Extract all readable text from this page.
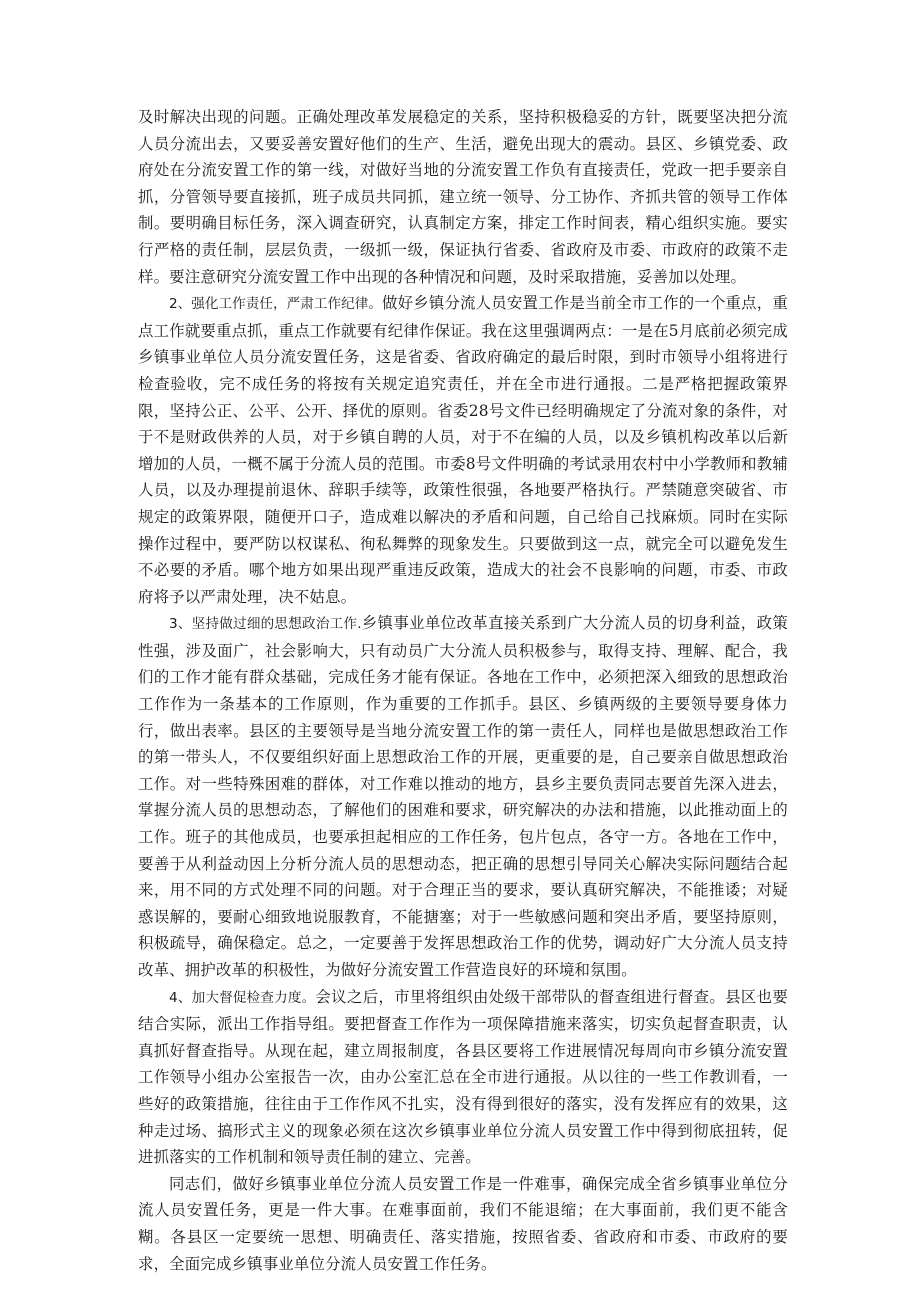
及时解决出现的问题。正确处理改革发展稳定的关系，坚持积极稳妥的方针，既要坚决把分流人员分流出去，又要妥善安置好他们的生产、生活，避免出现大的震动。县区、乡镇党委、政府处在分流安置工作的第一线，对做好当地的分流安置工作负有直接责任，党政一把手要亲自抓，分管领导要直接抓，班子成员共同抓，建立统一领导、分工协作、齐抓共管的领导工作体制。要明确目标任务，深入调查研究，认真制定方案，排定工作时间表，精心组织实施。要实行严格的责任制，层层负责，一级抓一级，保证执行省委、省政府及市委、市政府的政策不走样。要注意研究分流安置工作中出现的各种情况和问题，及时采取措施，妥善加以处理。

2、强化工作责任，严肃工作纪律。做好乡镇分流人员安置工作是当前全市工作的一个重点，重点工作就要重点抓，重点工作就要有纪律作保证。我在这里强调两点：一是在5月底前必须完成乡镇事业单位人员分流安置任务，这是省委、省政府确定的最后时限，到时市领导小组将进行检查验收，完不成任务的将按有关规定追究责任，并在全市进行通报。二是严格把握政策界限，坚持公正、公平、公开、择优的原则。省委28号文件已经明确规定了分流对象的条件，对于不是财政供养的人员，对于乡镇自聘的人员，对于不在编的人员，以及乡镇机构改革以后新增加的人员，一概不属于分流人员的范围。市委8号文件明确的考试录用农村中小学教师和教辅人员，以及办理提前退休、辞职手续等，政策性很强，各地要严格执行。严禁随意突破省、市规定的政策界限，随便开口子，造成难以解决的矛盾和问题，自己给自己找麻烦。同时在实际操作过程中，要严防以权谋私、徇私舞弊的现象发生。只要做到这一点，就完全可以避免发生不必要的矛盾。哪个地方如果出现严重违反政策，造成大的社会不良影响的问题，市委、市政府将予以严肃处理，决不姑息。

3、坚持做过细的思想政治工作.乡镇事业单位改革直接关系到广大分流人员的切身利益，政策性强，涉及面广，社会影响大，只有动员广大分流人员积极参与，取得支持、理解、配合，我们的工作才能有群众基础，完成任务才能有保证。各地在工作中，必须把深入细致的思想政治工作作为一条基本的工作原则，作为重要的工作抓手。县区、乡镇两级的主要领导要身体力行，做出表率。县区的主要领导是当地分流安置工作的第一责任人，同样也是做思想政治工作的第一带头人，不仅要组织好面上思想政治工作的开展，更重要的是，自己要亲自做思想政治工作。对一些特殊困难的群体，对工作难以推动的地方，县乡主要负责同志要首先深入进去，掌握分流人员的思想动态，了解他们的困难和要求，研究解决的办法和措施，以此推动面上的工作。班子的其他成员，也要承担起相应的工作任务，包片包点，各守一方。各地在工作中，要善于从利益动因上分析分流人员的思想动态，把正确的思想引导同关心解决实际问题结合起来，用不同的方式处理不同的问题。对于合理正当的要求，要认真研究解决，不能推诿；对疑惑误解的，要耐心细致地说服教育，不能搪塞；对于一些敏感问题和突出矛盾，要坚持原则，积极疏导，确保稳定。总之，一定要善于发挥思想政治工作的优势，调动好广大分流人员支持改革、拥护改革的积极性，为做好分流安置工作营造良好的环境和氛围。

4、加大督促检查力度。会议之后，市里将组织由处级干部带队的督查组进行督查。县区也要结合实际，派出工作指导组。要把督查工作作为一项保障措施来落实，切实负起督查职责，认真抓好督查指导。从现在起，建立周报制度，各县区要将工作进展情况每周向市乡镇分流安置工作领导小组办公室报告一次，由办公室汇总在全市进行通报。从以往的一些工作教训看，一些好的政策措施，往往由于工作作风不扎实，没有得到很好的落实，没有发挥应有的效果，这种走过场、搞形式主义的现象必须在这次乡镇事业单位分流人员安置工作中得到彻底扭转，促进抓落实的工作机制和领导责任制的建立、完善。

同志们，做好乡镇事业单位分流人员安置工作是一件难事，确保完成全省乡镇事业单位分流人员安置任务，更是一件大事。在难事面前，我们不能退缩；在大事面前，我们更不能含糊。各县区一定要统一思想、明确责任、落实措施，按照省委、省政府和市委、市政府的要求，全面完成乡镇事业单位分流人员安置工作任务。
